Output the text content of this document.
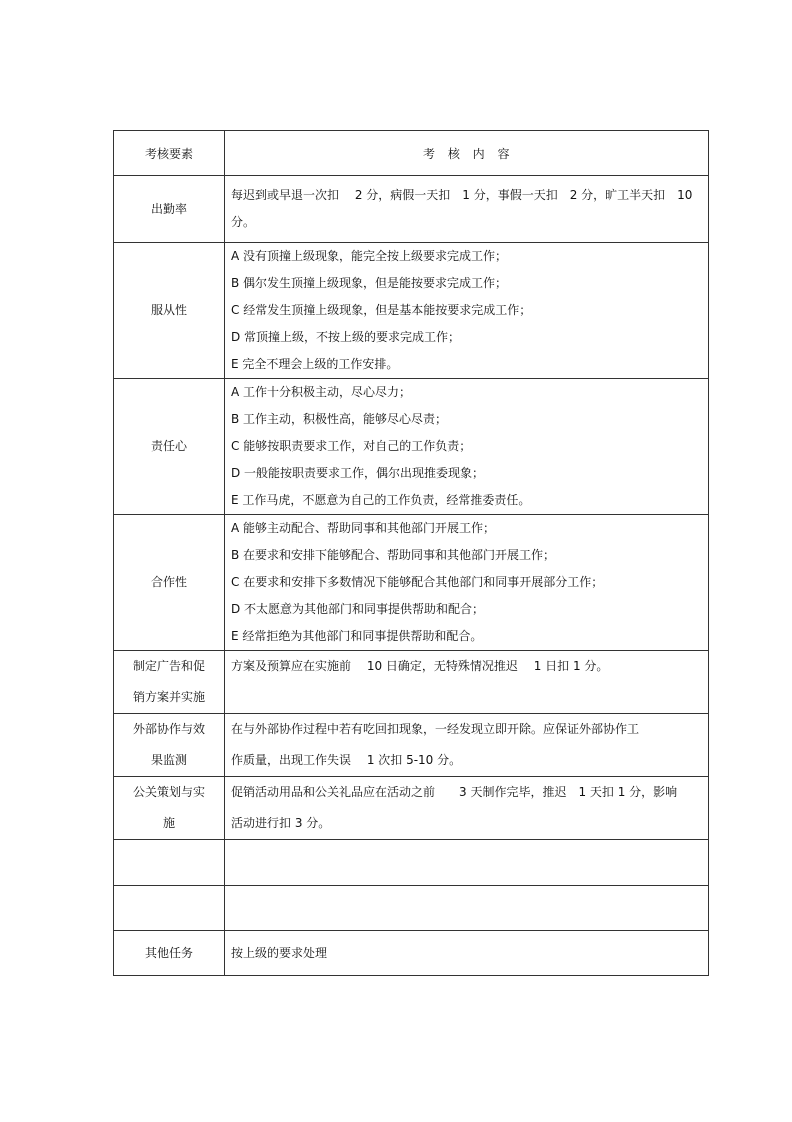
考核要素	考 核 内 容

出勤率	每迟到或早退一次扣　 2 分，病假一天扣　1 分，事假一天扣　2 分，旷工半天扣　10
分。

服从性	A 没有顶撞上级现象，能完全按上级要求完成工作；
B 偶尔发生顶撞上级现象，但是能按要求完成工作；
C 经常发生顶撞上级现象，但是基本能按要求完成工作；
D 常顶撞上级，不按上级的要求完成工作；
E 完全不理会上级的工作安排。

责任心	A 工作十分积极主动，尽心尽力；
B 工作主动，积极性高，能够尽心尽责；
C 能够按职责要求工作，对自己的工作负责；
D 一般能按职责要求工作，偶尔出现推委现象；
E 工作马虎，不愿意为自己的工作负责，经常推委责任。

合作性	A 能够主动配合、帮助同事和其他部门开展工作；
B 在要求和安排下能够配合、帮助同事和其他部门开展工作；
C 在要求和安排下多数情况下能够配合其他部门和同事开展部分工作；
D 不太愿意为其他部门和同事提供帮助和配合；
E 经常拒绝为其他部门和同事提供帮助和配合。

制定广告和促
销方案并实施	方案及预算应在实施前　 10 日确定，无特殊情况推迟　 1 日扣 1 分。

外部协作与效
果监测	在与外部协作过程中若有吃回扣现象，一经发现立即开除。应保证外部协作工
作质量，出现工作失误　 1 次扣 5-10 分。

公关策划与实
施	促销活动用品和公关礼品应在活动之前　　3 天制作完毕，推迟　1 天扣 1 分，影响
活动进行扣 3 分。

其他任务	按上级的要求处理
